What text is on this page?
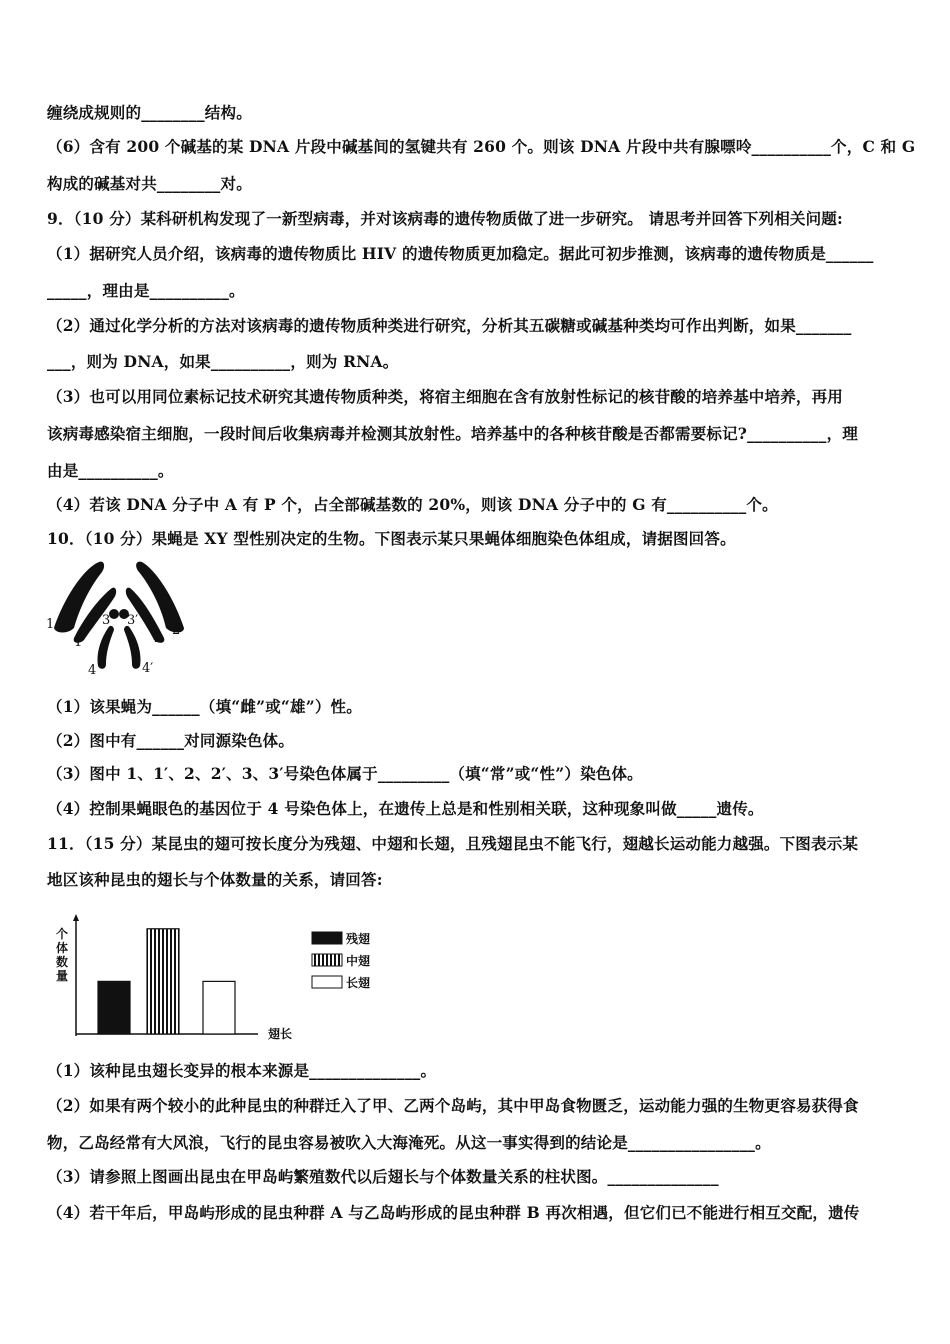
缠绕成规则的________结构。
（6）含有 200 个碱基的某 DNA 片段中碱基间的氢键共有 260 个。则该 DNA 片段中共有腺嘌呤__________个，C 和 G
构成的碱基对共________对。
9．（10 分）某科研机构发现了一新型病毒，并对该病毒的遗传物质做了进一步研究。 请思考并回答下列相关问题:
（1）据研究人员介绍，该病毒的遗传物质比 HIV 的遗传物质更加稳定。据此可初步推测，该病毒的遗传物质是______
_____，理由是__________。
（2）通过化学分析的方法对该病毒的遗传物质种类进行研究，分析其五碳糖或碱基种类均可作出判断，如果_______
___，则为 DNA，如果__________，则为 RNA。
（3）也可以用同位素标记技术研究其遗传物质种类，将宿主细胞在含有放射性标记的核苷酸的培养基中培养，再用
该病毒感染宿主细胞，一段时间后收集病毒并检测其放射性。培养基中的各种核苷酸是否都需要标记?__________，理
由是__________。
（4）若该 DNA 分子中 A 有 P 个，占全部碱基数的 20%，则该 DNA 分子中的 G 有__________个。
10．（10 分）果蝇是 XY 型性别决定的生物。下图表示某只果蝇体细胞染色体组成，请据图回答。
1
1′
3 3′
2
2′
4	4′
（1）该果蝇为______（填“雌”或“雄”）性。
（2）图中有______对同源染色体。
（3）图中 1、1′、2、2′、3、3′号染色体属于_________（填“常”或“性”）染色体。
（4）控制果蝇眼色的基因位于 4 号染色体上，在遗传上总是和性别相关联，这种现象叫做_____遗传。
11．（15 分）某昆虫的翅可按长度分为残翅、中翅和长翅，且残翅昆虫不能飞行，翅越长运动能力越强。下图表示某
地区该种昆虫的翅长与个体数量的关系，请回答:
个体数量
翅长
残翅
中翅
长翅
（1）该种昆虫翅长变异的根本来源是______________。
（2）如果有两个较小的此种昆虫的种群迁入了甲、乙两个岛屿，其中甲岛食物匮乏，运动能力强的生物更容易获得食
物，乙岛经常有大风浪，飞行的昆虫容易被吹入大海淹死。从这一事实得到的结论是________________。
（3）请参照上图画出昆虫在甲岛屿繁殖数代以后翅长与个体数量关系的柱状图。______________
（4）若干年后，甲岛屿形成的昆虫种群 A 与乙岛屿形成的昆虫种群 B 再次相遇，但它们已不能进行相互交配，遗传
